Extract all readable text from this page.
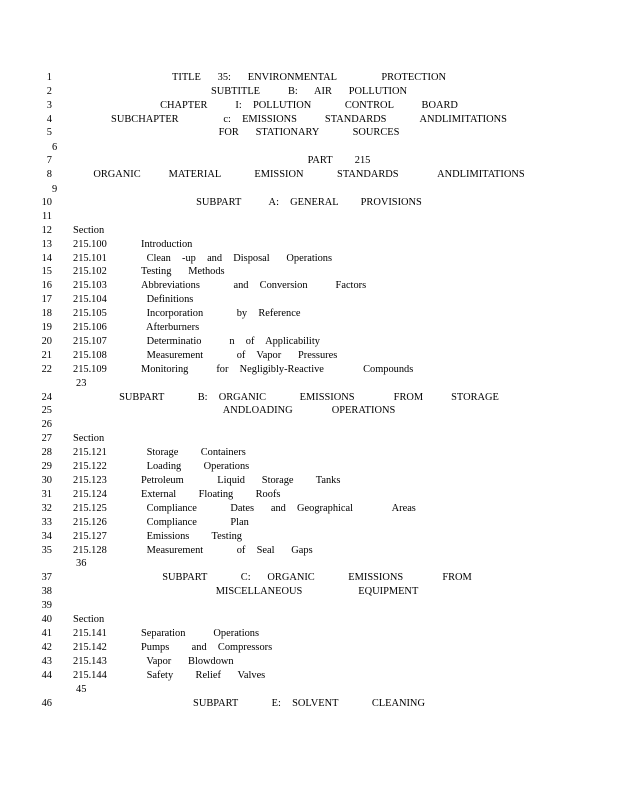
1	TITLE   35:   ENVIRONMENTAL        PROTECTION
2	SUBTITLE     B:   AIR   POLLUTION
3	CHAPTER     I:  POLLUTION      CONTROL     BOARD
4	SUBCHAPTER        c:  EMISSIONS     STANDARDS      ANDLIMITATIONS
5	FOR   STATIONARY      SOURCES
6
7	PART    215
8	ORGANIC     MATERIAL      EMISSION      STANDARDS       ANDLIMITATIONS
9
10	SUBPART     A:  GENERAL    PROVISIONS
11
12 Section
13 215.100	Introduction
14 215.101	Clean  -up  and  Disposal   Operations
15 215.102	Testing   Methods
16 215.103	Abbreviations      and  Conversion     Factors
17 215.104	Definitions
18 215.105	Incorporation      by  Reference
19 215.106	Afterburners
20 215.107	Determinatio     n  of  Applicability
21 215.108	Measurement      of  Vapor   Pressures
22 215.109	Monitoring     for  Negligibly-Reactive       Compounds
23
24	SUBPART      B:  ORGANIC      EMISSIONS       FROM     STORAGE
25	ANDLOADING       OPERATIONS
26
27 Section
28 215.121	Storage    Containers
29 215.122	Loading    Operations
30 215.123	Petroleum      Liquid   Storage    Tanks
31 215.124	External    Floating    Roofs
32 215.125	Compliance      Dates   and  Geographical       Areas
33 215.126	Compliance      Plan
34 215.127	Emissions    Testing
35 215.128	Measurement      of  Seal   Gaps
36
37	SUBPART      C:   ORGANIC      EMISSIONS       FROM
38	MISCELLANEOUS          EQUIPMENT
39
40 Section
41 215.141	Separation     Operations
42 215.142	Pumps    and  Compressors
43 215.143	Vapor   Blowdown
44 215.144	Safety    Relief   Valves
45
46	SUBPART      E:  SOLVENT      CLEANING
